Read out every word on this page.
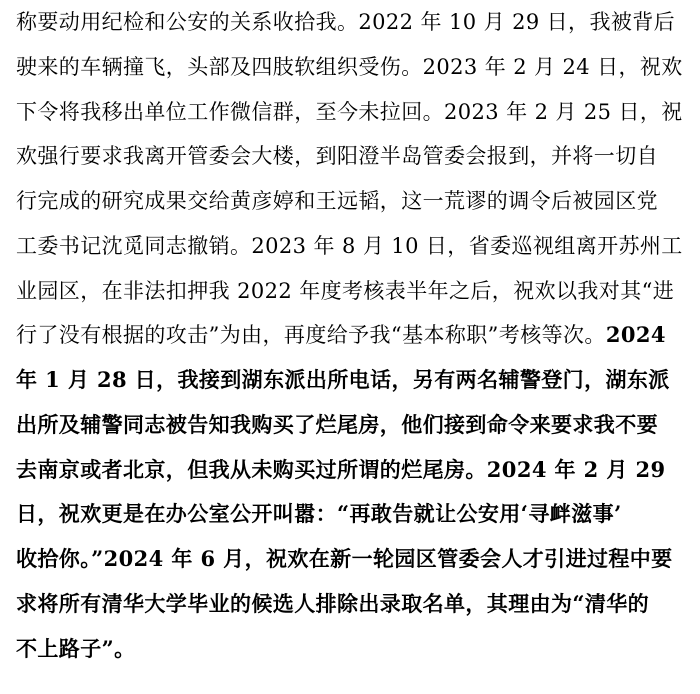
称要动用纪检和公安的关系收拾我。2022 年 10 月 29 日，我被背后
驶来的车辆撞飞，头部及四肢软组织受伤。2023 年 2 月 24 日，祝欢
下令将我移出单位工作微信群，至今未拉回。2023 年 2 月 25 日，祝
欢强行要求我离开管委会大楼，到阳澄半岛管委会报到，并将一切自
行完成的研究成果交给黄彦婷和王远韬，这一荒谬的调令后被园区党
工委书记沈觅同志撤销。2023 年 8 月 10 日，省委巡视组离开苏州工
业园区，在非法扣押我 2022 年度考核表半年之后，祝欢以我对其“进
行了没有根据的攻击”为由，再度给予我“基本称职”考核等次。2024
年 1 月 28 日，我接到湖东派出所电话，另有两名辅警登门，湖东派
出所及辅警同志被告知我购买了烂尾房，他们接到命令来要求我不要
去南京或者北京，但我从未购买过所谓的烂尾房。2024 年 2 月 29
日，祝欢更是在办公室公开叫嚣：“再敢告就让公安用‘寻衅滋事’
收拾你。”2024 年 6 月，祝欢在新一轮园区管委会人才引进过程中要
求将所有清华大学毕业的候选人排除出录取名单，其理由为“清华的
不上路子”。
